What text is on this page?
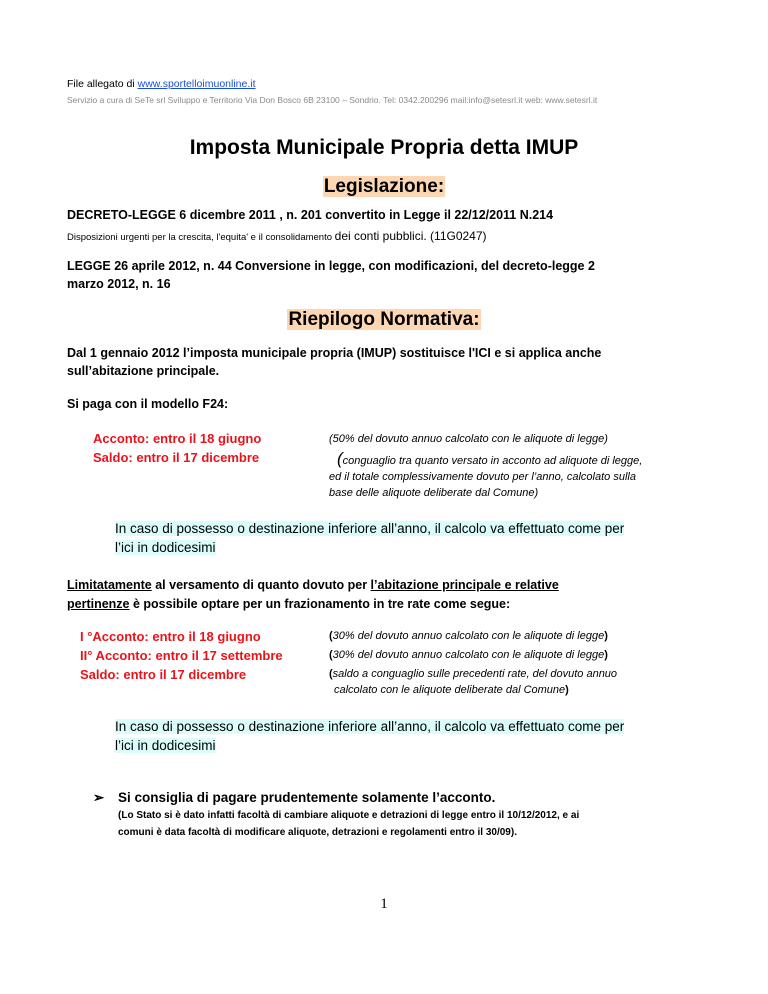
File allegato di www.sportelloimuonline.it
Servizio a cura di SeTe srl Sviluppo e Territorio Via Don Bosco 6B 23100 – Sondrio. Tel: 0342.200296 mail:info@setesrl.it web: www.setesrl.it
Imposta Municipale Propria detta IMUP
Legislazione:
DECRETO-LEGGE 6 dicembre 2011 , n. 201 convertito in Legge il 22/12/2011 N.214
Disposizioni urgenti per la crescita, l'equita' e il consolidamento dei conti pubblici. (11G0247)
LEGGE 26 aprile 2012, n. 44 Conversione in legge, con modificazioni, del decreto-legge 2
marzo 2012, n. 16
Riepilogo Normativa:
Dal 1 gennaio 2012 l’imposta municipale propria (IMUP) sostituisce l'ICI e si applica anche
sull’abitazione principale.
Si paga con il modello F24:
Acconto: entro il 18 giugno
Saldo: entro il 17 dicembre
(50% del dovuto annuo calcolato con le aliquote di legge)
(conguaglio tra quanto versato in acconto ad aliquote di legge,
ed il totale complessivamente dovuto per l’anno, calcolato sulla
base delle aliquote deliberate dal Comune)
In caso di possesso o destinazione inferiore all’anno, il calcolo va effettuato come per
l’ici in dodicesimi
Limitatamente al versamento di quanto dovuto per l’abitazione principale e relative
pertinenze è possibile optare per un frazionamento in tre rate come segue:
I °Acconto: entro il 18 giugno
II° Acconto: entro il 17 settembre
Saldo: entro il 17 dicembre
(30% del dovuto annuo calcolato con le aliquote di legge)
(30% del dovuto annuo calcolato con le aliquote di legge)
(saldo a conguaglio sulle precedenti rate, del dovuto annuo
calcolato con le aliquote deliberate dal Comune)
In caso di possesso o destinazione inferiore all’anno, il calcolo va effettuato come per
l’ici in dodicesimi
➢ Si consiglia di pagare prudentemente solamente l’acconto.
(Lo Stato si è dato infatti facoltà di cambiare aliquote e detrazioni di legge entro il 10/12/2012, e ai
comuni è data facoltà di modificare aliquote, detrazioni e regolamenti entro il 30/09).
1
